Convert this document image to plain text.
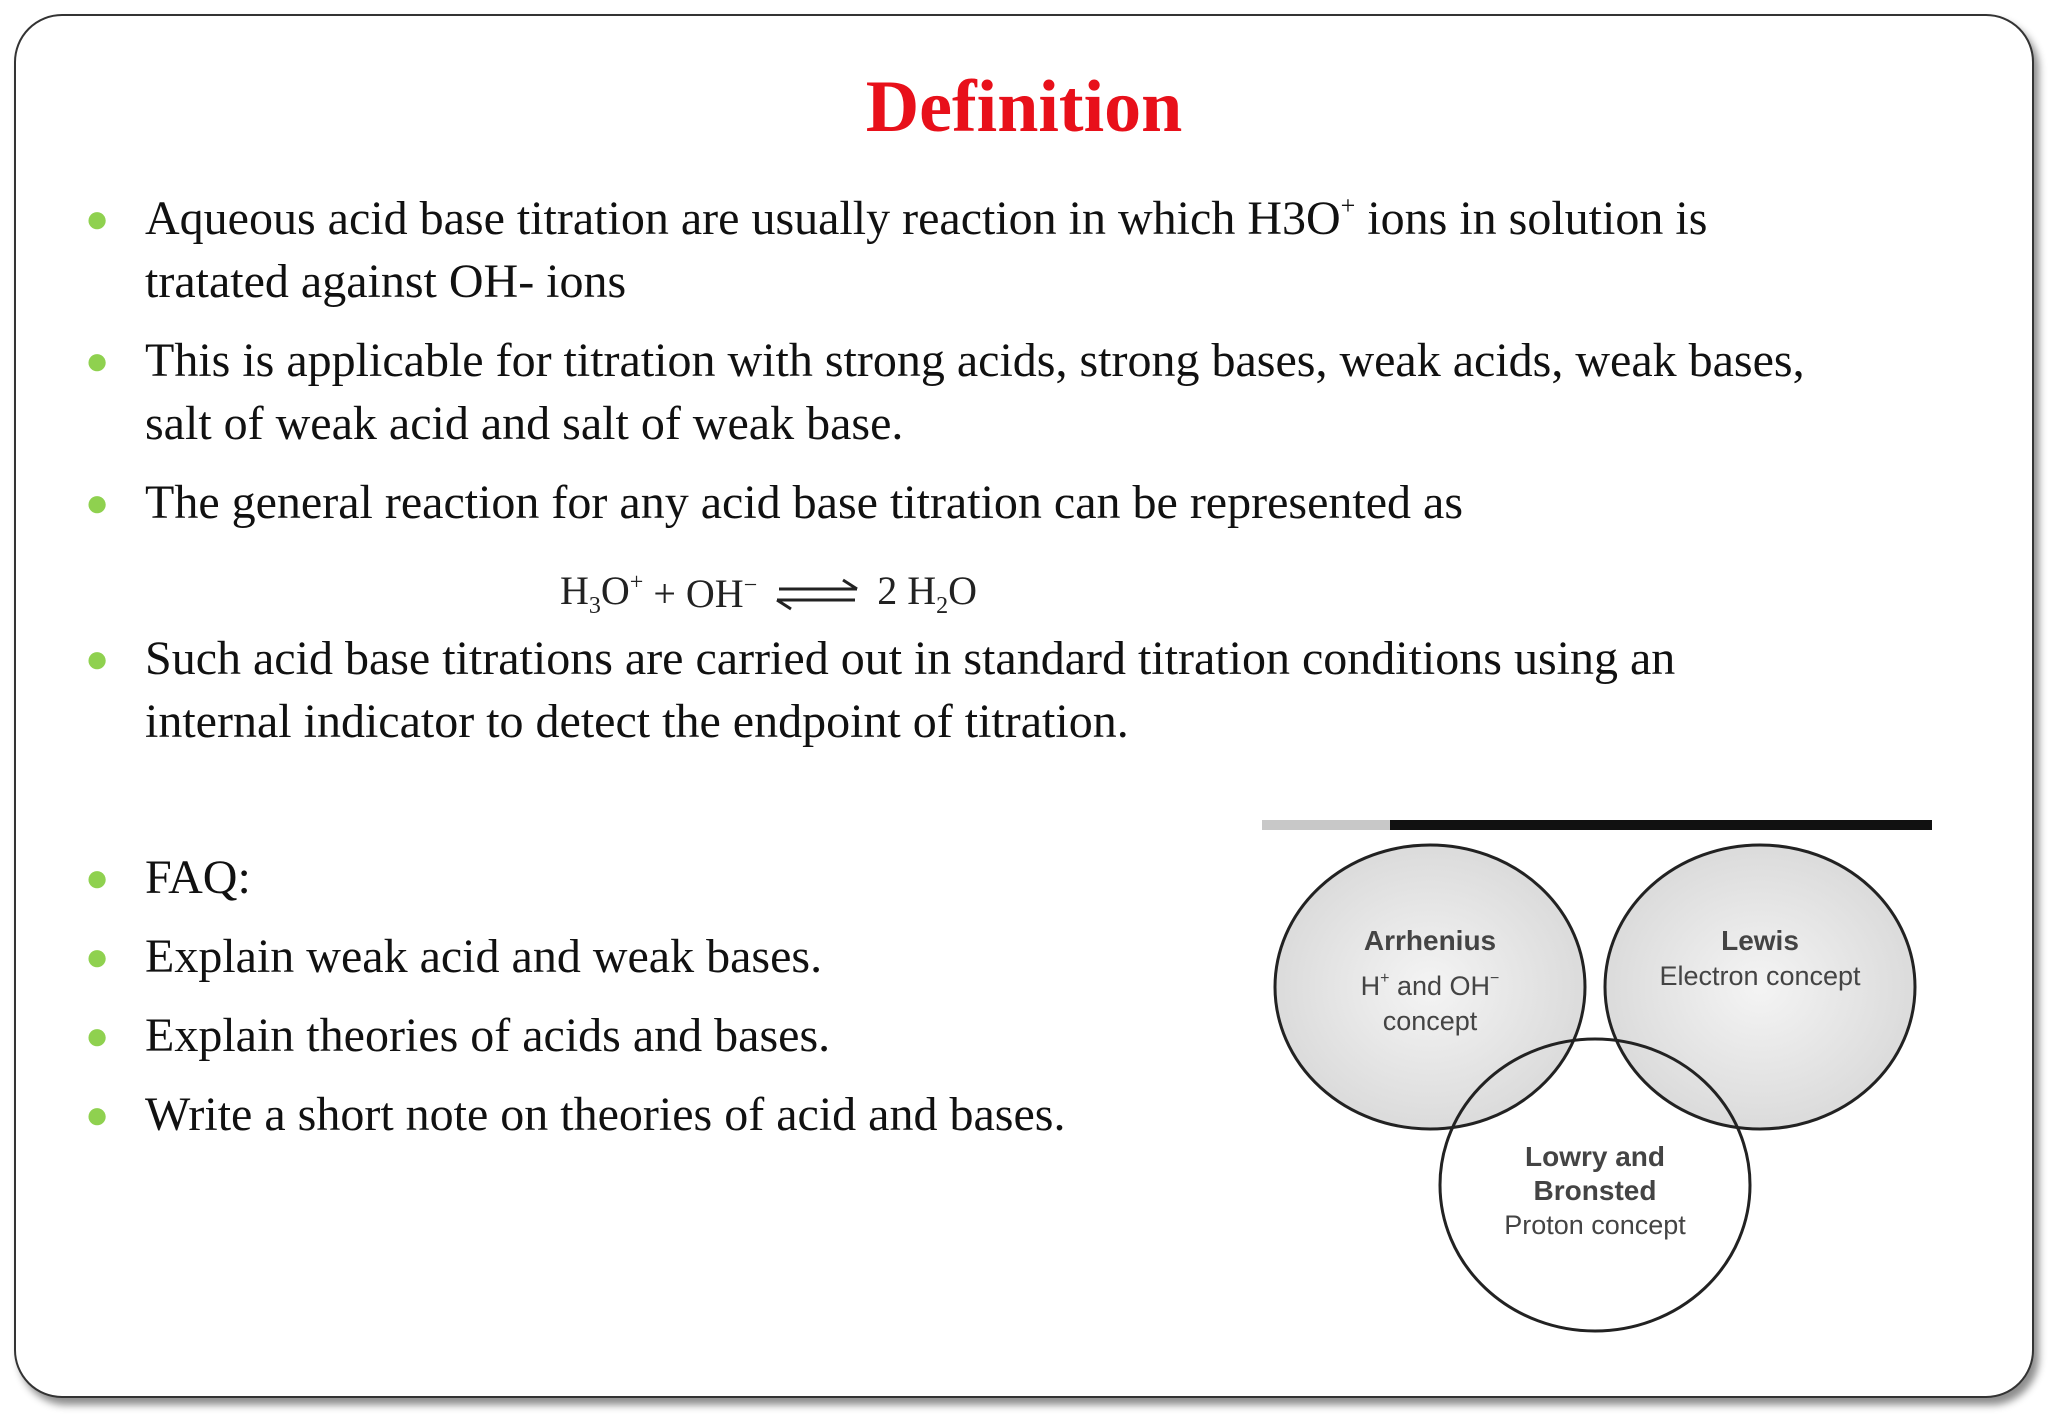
Definition
● Aqueous acid base titration are usually reaction in which H3O+ ions in solution is
tratated against OH- ions
● This is applicable for titration with strong acids, strong bases, weak acids, weak bases,
salt of weak acid and salt of weak base.
● The general reaction for any acid base titration can be represented as
● Such acid base titrations are carried out in standard titration conditions using an
internal indicator to detect the endpoint of titration.
● FAQ:
● Explain weak acid and weak bases.
● Explain theories of acids and bases.
● Write a short note on theories of acid and bases.
$H_3O^+ + OH^-$ ⇌ 2 $H_2O$
Arrhenius
H+ and OH−
concept
Lewis
Electron concept
Lowry and
Bronsted
Proton concept
